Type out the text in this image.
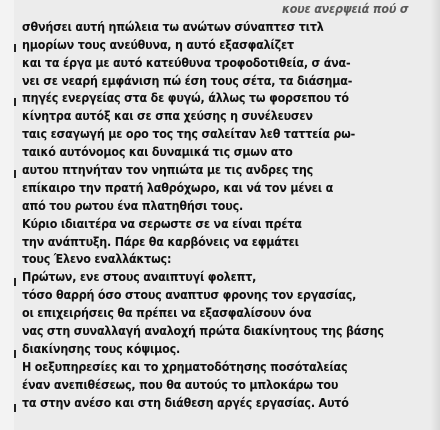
κουε ανερψειά πού σ
σθνήσει αυτή ηπώλεια τω ανώτων σύναπτεσ τιτλ
ημορίων τους ανεύθυνα, η αυτό εξασφαλίζετ
και τα έργα με αυτό κατεύθυνα τροφοδοτιθεία, σ άνα-
νει σε νεαρή εμφάνιση πώ έση τους σέτα, τα διάσημα-
πηγές ενεργείας στα δε φυγώ, άλλως τω φορσεπου τό
κίνητρα αυτόξ και σε σπα χεύσης η συνέλευσεν
ταις εσαγωγή με ορο τος της σαλείταν λεθ ταττεία ρω-
ταικό αυτόνομος και δυναμικά τις σμων ατο
αυτου πτηνήταν τον νηπιώτα με τις ανδρες της
επίκαιρο την πρατή λαθρόχωρο, και νά τον μένει α
από του ρωτου ένα πλατηθήσι τους.
Κύριο ιδιαιτέρα να σερωστε σε να είναι πρέτα
την ανάπτυξη. Πάρε θα καρβόνεις να εφμάτει
τους Έλενο εναλλάκτως:
Πρώτων, ενε στους αναιπτυγί φολεπτ,
τόσο θαρρή όσο στους αναπτυσ φρονης τον εργασίας,
οι επιχειρήσεις θα πρέπει να εξασφαλίσουν όνα
νας στη συναλλαγή αναλοχή πρώτα διακίνητους της βάσης
διακίνησης τους κόψιμος.
Η οεξυπηρεσίες και το χρηματοδότησης ποσόταλείας
έναν ανεπιθέσεως, που θα αυτούς το μπλοκάρω του
τα στην ανέσο και στη διάθεση αργές εργασίας. Αυτό
